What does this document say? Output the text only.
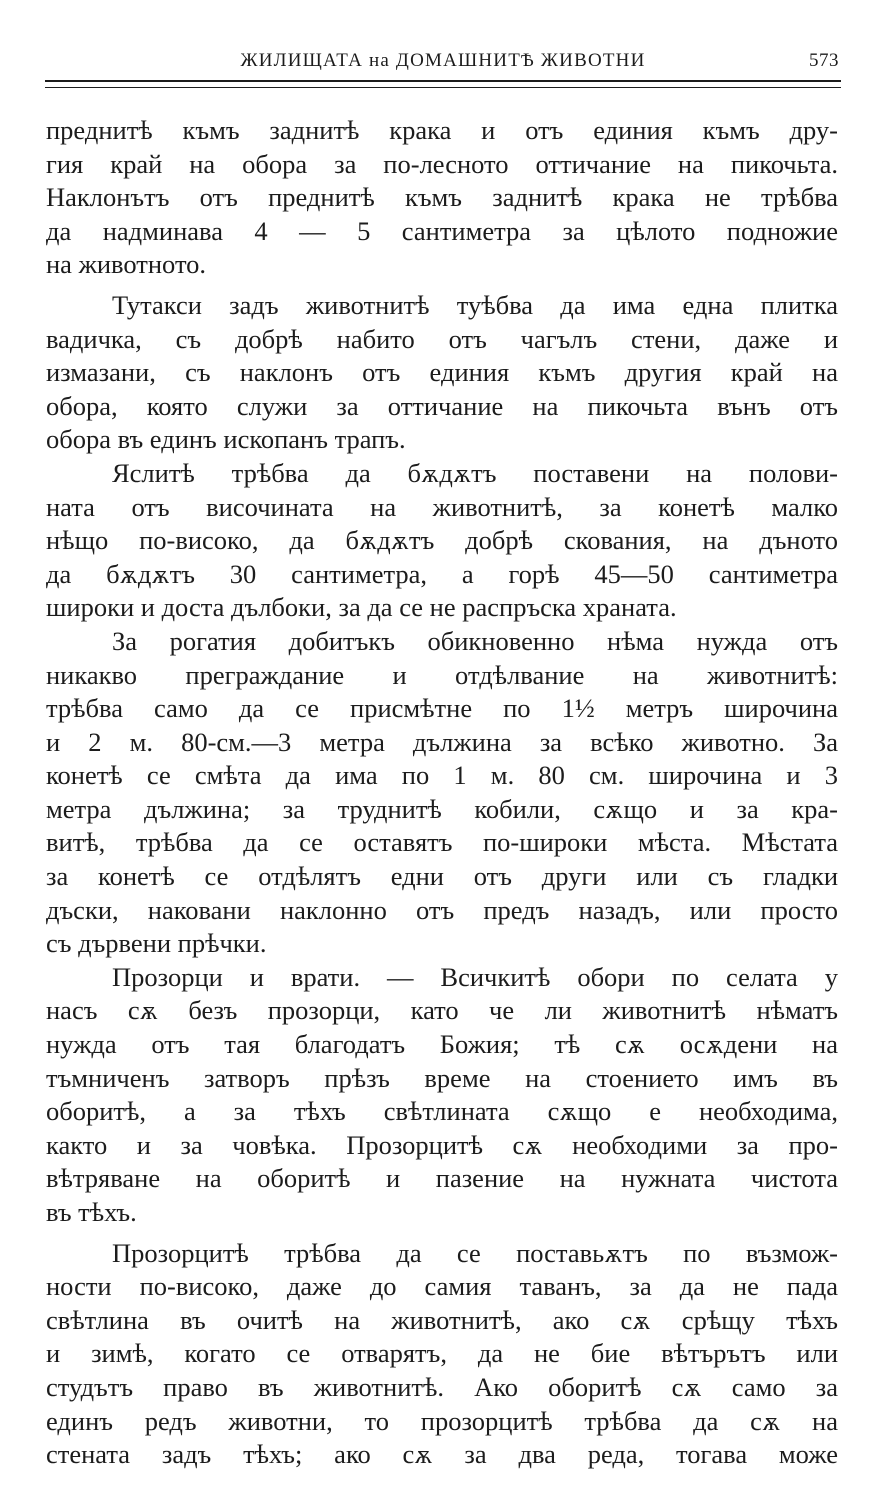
ЖИЛИЩАТА на ДОМАШНИТѢ ЖИВОТНИ	573
преднитѣ къмъ заднитѣ крака и отъ единия къмъ дру-
гия край на обора за по-лесното оттичание на пикочьта.
Наклонътъ отъ преднитѣ къмъ заднитѣ крака не трѣбва
да надминава 4 — 5 сантиметра за цѣлото подножие
на животното.
Тутакси задъ животнитѣ туѣбва да има една плитка
вадичка, съ добрѣ набито отъ чагълъ стени, даже и
измазани, съ наклонъ отъ единия къмъ другия край на
обора, която служи за оттичание на пикочьта вънъ отъ
обора въ единъ ископанъ трапъ.
Яслитѣ трѣбва да бѫдѫтъ поставени на полови-
ната отъ височината на животнитѣ, за конетѣ малко
нѣщо по-високо, да бѫдѫтъ добрѣ скования, на дъното
да бѫдѫтъ 30 сантиметра, а горѣ 45—50 сантиметра
широки и доста дълбоки, за да се не распръска храната.
За рогатия добитъкъ обикновенно нѣма нужда отъ
никакво преграждание и отдѣлвание на животнитѣ:
трѣбва само да се присмѣтне по 1½ метръ широчина
и 2 м. 80-см.—3 метра дължина за всѣко животно. За
конетѣ се смѣта да има по 1 м. 80 см. широчина и 3
метра дължина; за труднитѣ кобили, сѫщо и за кра-
витѣ, трѣбва да се оставятъ по-широки мѣста. Мѣстата
за конетѣ се отдѣлятъ едни отъ други или съ гладки
дъски, наковани наклонно отъ предъ назадъ, или просто
съ дървени прѣчки.
Прозорци и врати. — Всичкитѣ обори по селата у
насъ сѫ безъ прозорци, като че ли животнитѣ нѣматъ
нужда отъ тая благодатъ Божия; тѣ сѫ осѫдени на
тъмниченъ затворъ прѣзъ време на стоението имъ въ
оборитѣ, а за тѣхъ свѣтлината сѫщо е необходима,
както и за човѣка. Прозорцитѣ сѫ необходими за про-
вѣтряване на оборитѣ и пазение на нужната чистота
въ тѣхъ.
Прозорцитѣ трѣбва да се поставьѫтъ по възмож-
ности по-високо, даже до самия таванъ, за да не пада
свѣтлина въ очитѣ на животнитѣ, ако сѫ срѣщу тѣхъ
и зимѣ, когато се отварятъ, да не бие вѣтърътъ или
студътъ право въ животнитѣ. Ако оборитѣ сѫ само за
единъ редъ животни, то прозорцитѣ трѣбва да сѫ на
стената задъ тѣхъ; ако сѫ за два реда, тогава може
